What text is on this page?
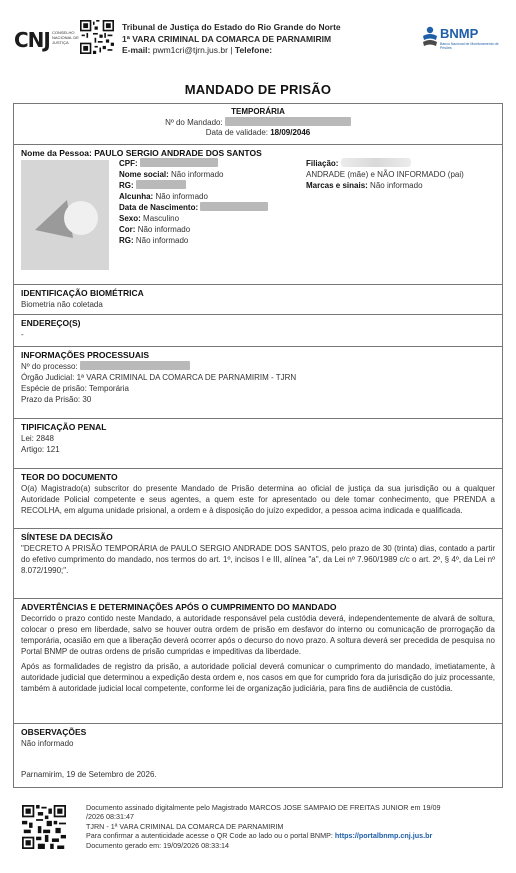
CNJ CONSELHO NACIONAL DE JUSTIÇA
Tribunal de Justiça do Estado do Rio Grande do Norte
1ª VARA CRIMINAL DA COMARCA DE PARNAMIRIM
E-mail: pwm1cri@tjrn.jus.br | Telefone:
BNMP
Banco Nacional de Monitoramento de Prisões
MANDADO DE PRISÃO
TEMPORÁRIA
Nº do Mandado:
Data de validade: 18/09/2046
Nome da Pessoa: PAULO SERGIO ANDRADE DOS SANTOS
CPF:
Nome social: Não informado
RG:
Alcunha: Não informado
Data de Nascimento:
Sexo: Masculino
Cor: Não informado
RG: Não informado
Filiação:
ANDRADE (mãe) e NÃO INFORMADO (pai)
Marcas e sinais: Não informado
IDENTIFICAÇÃO BIOMÉTRICA
Biometria não coletada
ENDEREÇO(S)
-
INFORMAÇÕES PROCESSUAIS
Nº do processo:
Órgão Judicial: 1ª VARA CRIMINAL DA COMARCA DE PARNAMIRIM - TJRN
Espécie de prisão: Temporária
Prazo da Prisão: 30
TIPIFICAÇÃO PENAL
Lei: 2848
Artigo: 121
TEOR DO DOCUMENTO
O(a) Magistrado(a) subscritor do presente Mandado de Prisão determina ao oficial de justiça da sua jurisdição ou a qualquer Autoridade Policial competente e seus agentes, a quem este for apresentado ou dele tomar conhecimento, que PRENDA a RECOLHA, em alguma unidade prisional, a ordem e à disposição do juízo expedidor, a pessoa acima indicada e qualificada.
SÍNTESE DA DECISÃO
"DECRETO A PRISÃO TEMPORÁRIA de PAULO SERGIO ANDRADE DOS SANTOS, pelo prazo de 30 (trinta) dias, contado a partir do efetivo cumprimento do mandado, nos termos do art. 1º, incisos I e III, alínea "a", da Lei nº 7.960/1989 c/c o art. 2º, § 4º, da Lei nº 8.072/1990;".
ADVERTÊNCIAS E DETERMINAÇÕES APÓS O CUMPRIMENTO DO MANDADO
Decorrido o prazo contido neste Mandado, a autoridade responsável pela custódia deverá, independentemente de alvará de soltura, colocar o preso em liberdade, salvo se houver outra ordem de prisão em desfavor do interno ou comunicação de prorrogação da temporária, ocasião em que a liberação deverá ocorrer após o decurso do novo prazo. A soltura deverá ser precedida de pesquisa no Portal BNMP de outras ordens de prisão cumpridas e impeditivas da liberdade.
Após as formalidades de registro da prisão, a autoridade policial deverá comunicar o cumprimento do mandado, imetiatamente, à autoridade judicial que determinou a expedição desta ordem e, nos casos em que for cumprido fora da jurisdição do juiz processante, também à autoridade judicial local competente, conforme lei de organização judiciária, para fins de audiência de custódia.
OBSERVAÇÕES
Não informado
Parnamirim, 19 de Setembro de 2026.
Documento assinado digitalmente pelo Magistrado MARCOS JOSE SAMPAIO DE FREITAS JUNIOR em 19/09
/2026 08:31:47
TJRN - 1ª VARA CRIMINAL DA COMARCA DE PARNAMIRIM
Para confirmar a autenticidade acesse o QR Code ao lado ou o portal BNMP: https://portalbnmp.cnj.jus.br
Documento gerado em: 19/09/2026 08:33:14
